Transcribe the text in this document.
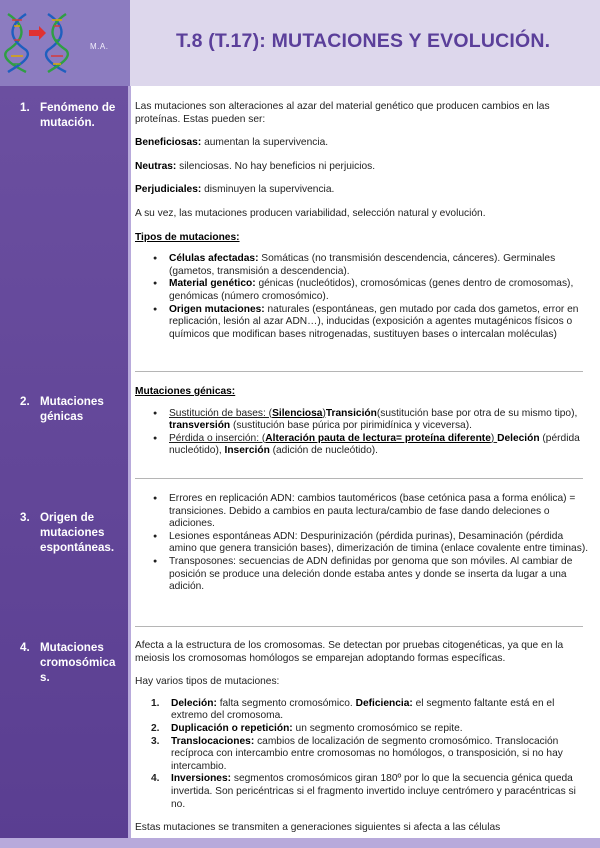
M.A.	T.8 (T.17): MUTACIONES Y EVOLUCIÓN.
1. Fenómeno de mutación.
2. Mutaciones génicas
3. Origen de mutaciones espontáneas.
4. Mutaciones cromosómica s.

Las mutaciones son alteraciones al azar del material genético que producen cambios en las proteínas. Estas pueden ser:

Beneficiosas: aumentan la supervivencia.

Neutras: silenciosas. No hay beneficios ni perjuicios.

Perjudiciales: disminuyen la supervivencia.

A su vez, las mutaciones producen variabilidad, selección natural y evolución.

Tipos de mutaciones:

● Células afectadas: Somáticas (no transmisión descendencia, cánceres). Germinales (gametos, transmisión a descendencia).
● Material genético: génicas (nucleótidos), cromosómicas (genes dentro de cromosomas), genómicas (número cromosómico).
● Origen mutaciones: naturales (espontáneas, gen mutado por cada dos gametos, error en replicación, lesión al azar ADN…), inducidas (exposición a agentes mutagénicos físicos o químicos que modifican bases nitrogenadas, sustituyen bases o intercalan moléculas)

Mutaciones génicas:

● Sustitución de bases: (Silenciosa)Transición(sustitución base por otra de su mismo tipo), transversión (sustitución base púrica por pirimidínica y viceversa).
● Pérdida o inserción: (Alteración pauta de lectura= proteína diferente) Deleción (pérdida nucleótido), Inserción (adición de nucleótido).
● Errores en replicación ADN: cambios tautoméricos (base cetónica pasa a forma enólica) = transiciones. Debido a cambios en pauta lectura/cambio de fase dando deleciones o adiciones.
● Lesiones espontáneas ADN: Despurinización (pérdida purinas), Desaminación (pérdida amino que genera transición bases), dimerización de timina (enlace covalente entre timinas).
● Transposones: secuencias de ADN definidas por genoma que son móviles. Al cambiar de posición se produce una deleción donde estaba antes y donde se inserta da lugar a una adición.

Afecta a la estructura de los cromosomas. Se detectan por pruebas citogenéticas, ya que en la meiosis los cromosomas homólogos se emparejan adoptando formas específicas.

Hay varios tipos de mutaciones:

1. Deleción: falta segmento cromosómico. Deficiencia: el segmento faltante está en el extremo del cromosoma.
2. Duplicación o repetición: un segmento cromosómico se repite.
3. Translocaciones: cambios de localización de segmento cromosómico. Translocación recíproca con intercambio entre cromosomas no homólogos, o transposición, si no hay intercambio.
4. Inversiones: segmentos cromosómicos giran 180º por lo que la secuencia génica queda invertida. Son pericéntricas si el fragmento invertido incluye centrómero y paracéntricas si no.

Estas mutaciones se transmiten a generaciones siguientes si afecta a las células
